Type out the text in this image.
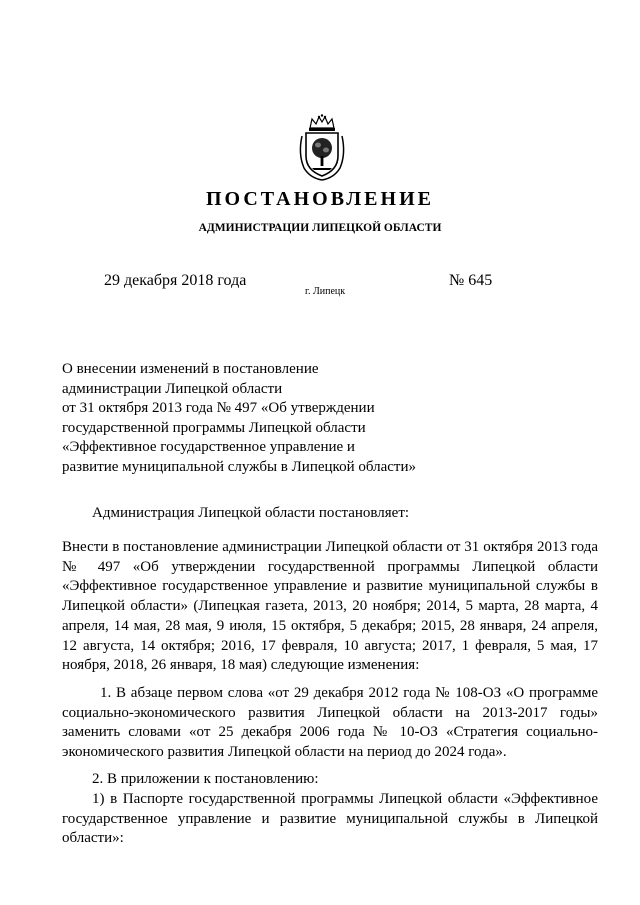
ПОСТАНОВЛЕНИЕ
АДМИНИСТРАЦИИ ЛИПЕЦКОЙ ОБЛАСТИ
29 декабря 2018 года
г. Липецк
№ 645
О внесении изменений в постановление
администрации Липецкой области
от 31 октября 2013 года № 497 «Об утверждении
государственной программы Липецкой области
«Эффективное государственное управление и
развитие муниципальной службы в Липецкой области»
Администрация Липецкой области постановляет:
Внести в постановление администрации Липецкой области от 31 октября 2013 года № 497 «Об утверждении государственной программы Липецкой области «Эффективное государственное управление и развитие муниципальной службы в Липецкой области» (Липецкая газета, 2013, 20 ноября; 2014, 5 марта, 28 марта, 4 апреля, 14 мая, 28 мая, 9 июля, 15 октября, 5 декабря; 2015, 28 января, 24 апреля, 12 августа, 14 октября; 2016, 17 февраля, 10 августа; 2017, 1 февраля, 5 мая, 17 ноября, 2018, 26 января, 18 мая) следующие изменения:
1. В абзаце первом слова «от 29 декабря 2012 года № 108-ОЗ «О программе социально-экономического развития Липецкой области на 2013-2017 годы» заменить словами «от 25 декабря 2006 года № 10-ОЗ «Стратегия социально-экономического развития Липецкой области на период до 2024 года».
2. В приложении к постановлению:
1) в Паспорте государственной программы Липецкой области «Эффективное государственное управление и развитие муниципальной службы в Липецкой области»:
